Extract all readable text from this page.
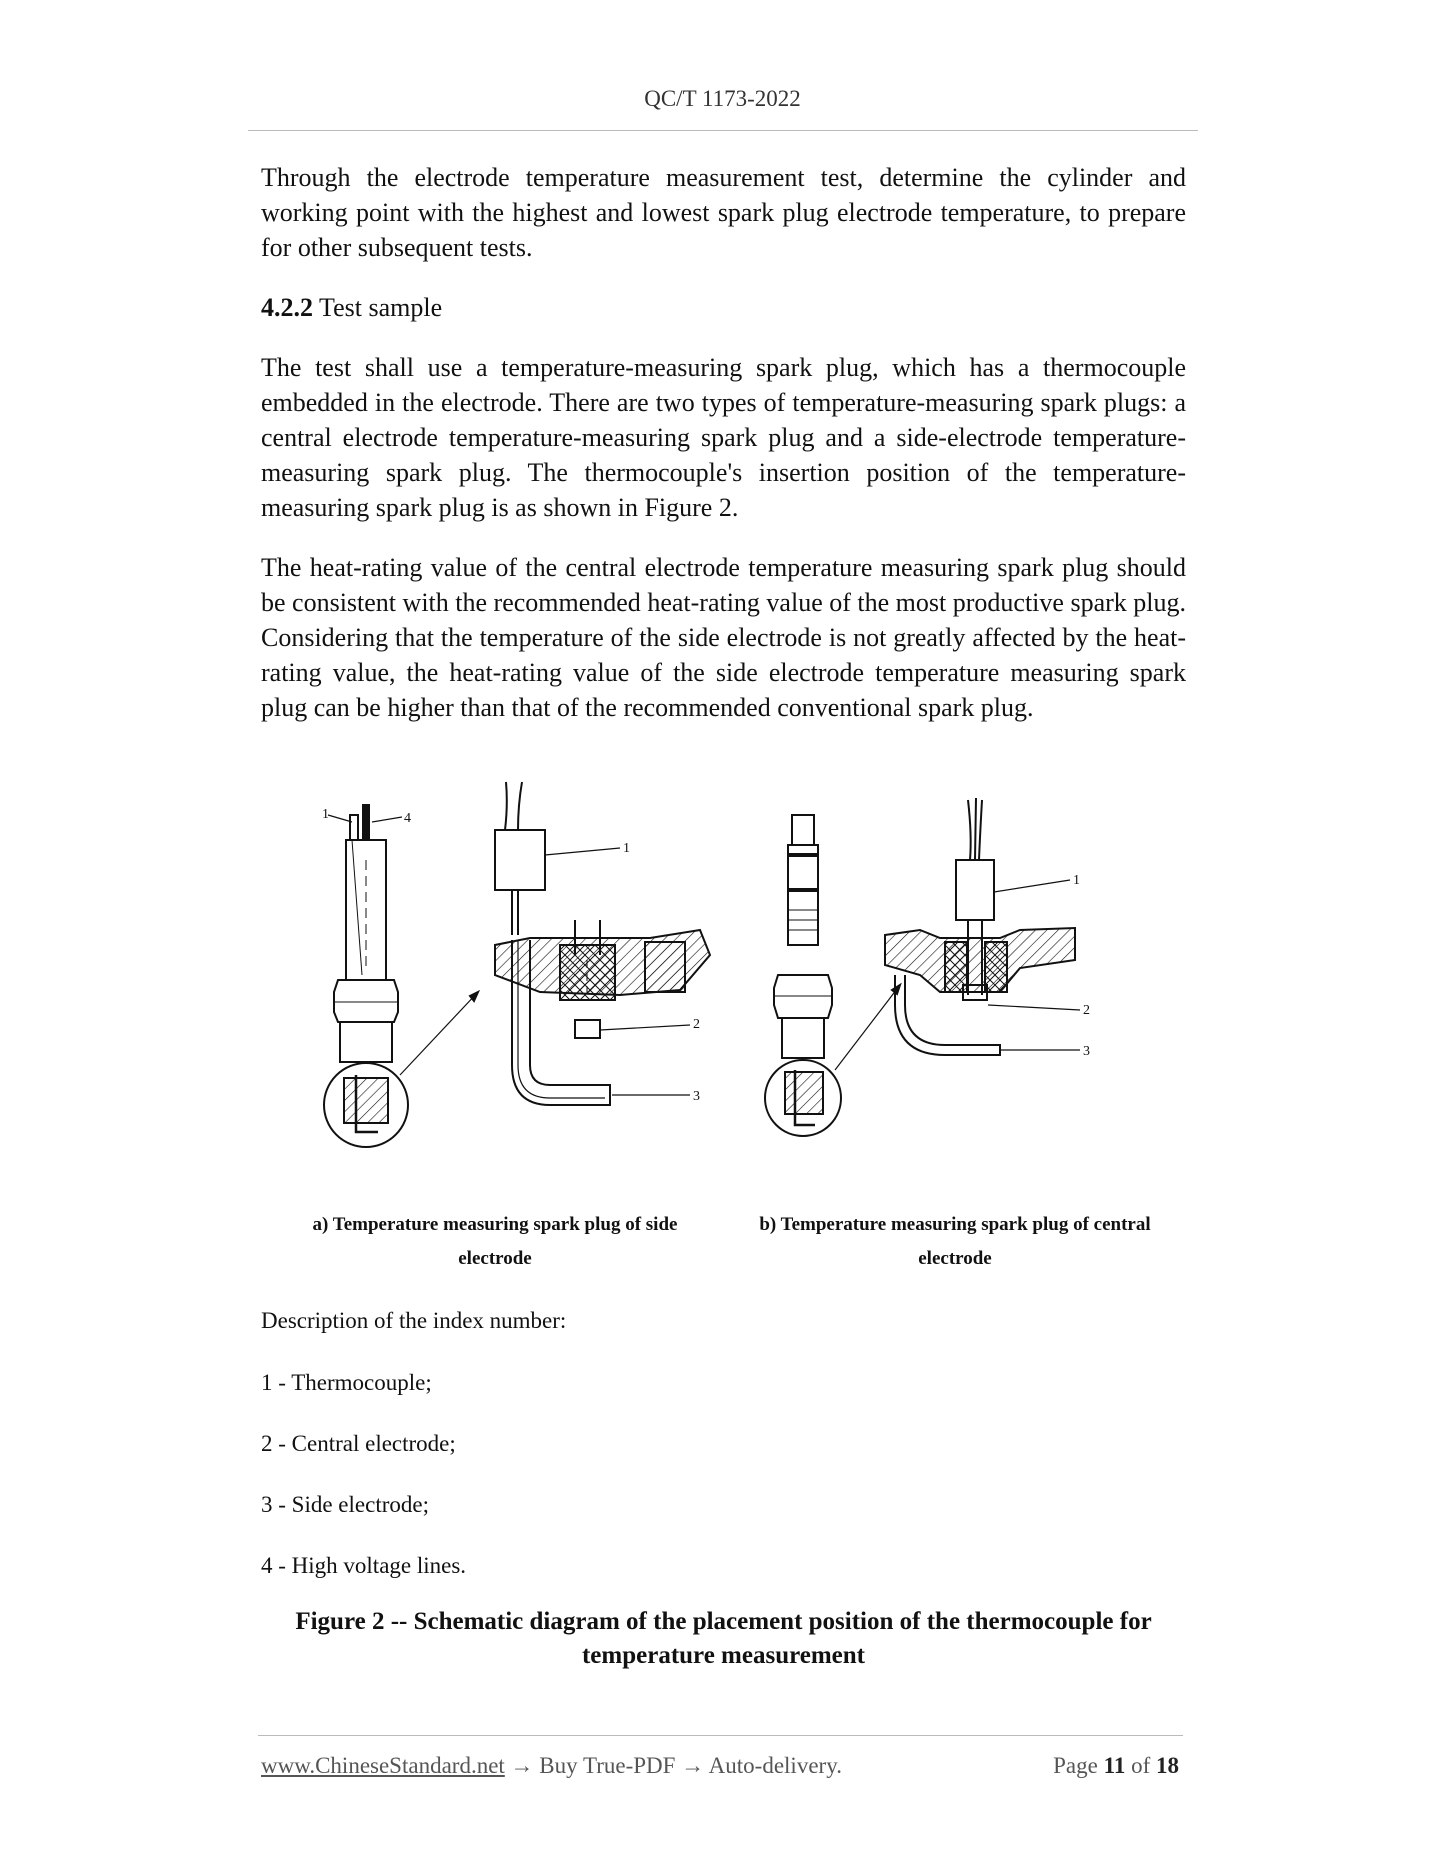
QC/T 1173-2022

Through the electrode temperature measurement test, determine the cylinder and working point with the highest and lowest spark plug electrode temperature, to prepare for other subsequent tests.

4.2.2 Test sample

The test shall use a temperature-measuring spark plug, which has a thermocouple embedded in the electrode. There are two types of temperature-measuring spark plugs: a central electrode temperature-measuring spark plug and a side-electrode temperature-measuring spark plug. The thermocouple's insertion position of the temperature-measuring spark plug is as shown in Figure 2.

The heat-rating value of the central electrode temperature measuring spark plug should be consistent with the recommended heat-rating value of the most productive spark plug. Considering that the temperature of the side electrode is not greatly affected by the heat-rating value, the heat-rating value of the side electrode temperature measuring spark plug can be higher than that of the recommended conventional spark plug.

1	4
1
2
3
1
2
3
a) Temperature measuring spark plug of side electrode
b) Temperature measuring spark plug of central electrode
Description of the index number:
1 - Thermocouple;
2 - Central electrode;
3 - Side electrode;
4 - High voltage lines.
Figure 2 -- Schematic diagram of the placement position of the thermocouple for temperature measurement
www.ChineseStandard.net → Buy True-PDF → Auto-delivery.	Page 11 of 18
